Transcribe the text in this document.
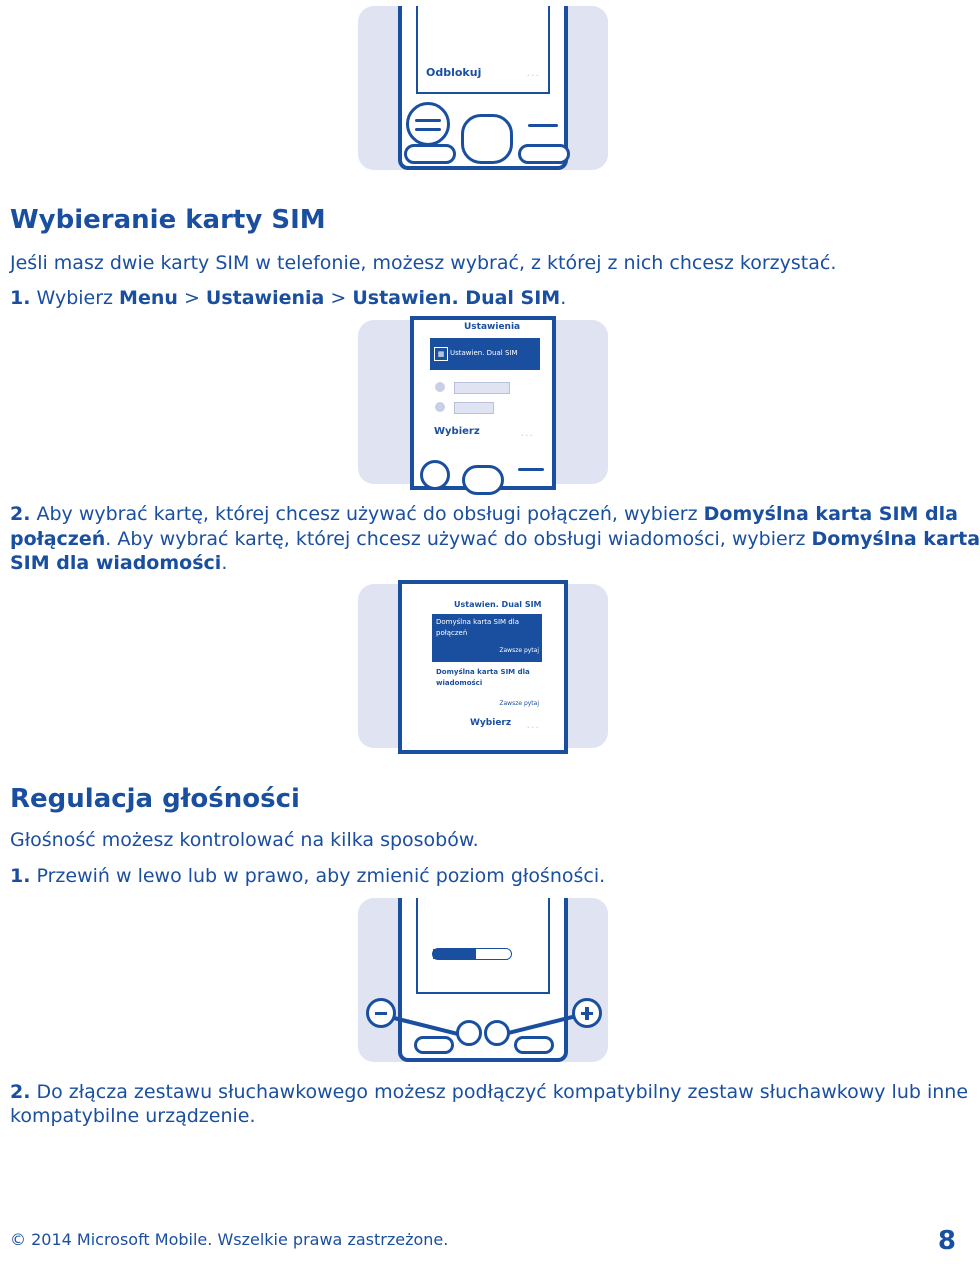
Odblokuj	...
Wybieranie karty SIM
Jeśli masz dwie karty SIM w telefonie, możesz wybrać, z której z nich chcesz korzystać.
1. Wybierz Menu > Ustawienia > Ustawien. Dual SIM.
Ustawienia
▦ Ustawien. Dual SIM
Wybierz	...
2. Aby wybrać kartę, której chcesz używać do obsługi połączeń, wybierz Domyślna karta SIM dla
połączeń. Aby wybrać kartę, której chcesz używać do obsługi wiadomości, wybierz Domyślna karta
SIM dla wiadomości.
Ustawien. Dual SIM
Domyślna karta SIM dla
połączeń
Zawsze pytaj
Domyślna karta SIM dla
wiadomości
Zawsze pytaj
Wybierz ...
Regulacja głośności
Głośność możesz kontrolować na kilka sposobów.
1. Przewiń w lewo lub w prawo, aby zmienić poziom głośności.
2. Do złącza zestawu słuchawkowego możesz podłączyć kompatybilny zestaw słuchawkowy lub inne
kompatybilne urządzenie.
© 2014 Microsoft Mobile. Wszelkie prawa zastrzeżone.	8
